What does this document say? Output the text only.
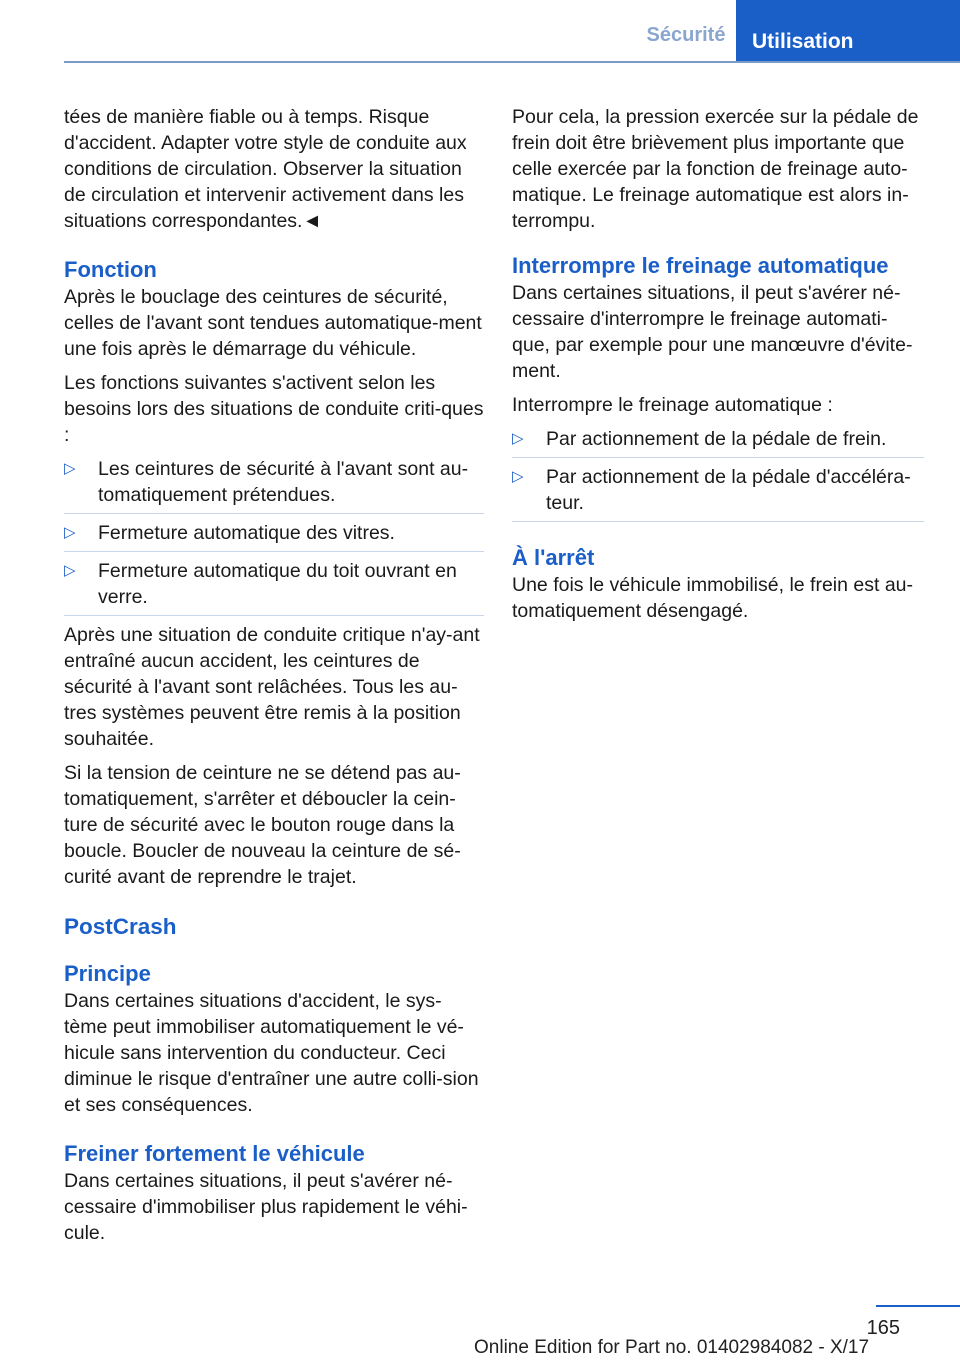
Sécurité	Utilisation

tées de manière fiable ou à temps. Risque d'accident. Adapter votre style de conduite aux conditions de circulation. Observer la situation de circulation et intervenir activement dans les situations correspondantes.◄

Fonction

Après le bouclage des ceintures de sécurité, celles de l'avant sont tendues automatique-ment une fois après le démarrage du véhicule.

Les fonctions suivantes s'activent selon les besoins lors des situations de conduite criti-ques :

▷ Les ceintures de sécurité à l'avant sont au-tomatiquement prétendues.
▷ Fermeture automatique des vitres.
▷ Fermeture automatique du toit ouvrant en verre.

Après une situation de conduite critique n'ay-ant entraîné aucun accident, les ceintures de sécurité à l'avant sont relâchées. Tous les au-tres systèmes peuvent être remis à la position souhaitée.

Si la tension de ceinture ne se détend pas au-tomatiquement, s'arrêter et déboucler la cein-ture de sécurité avec le bouton rouge dans la boucle. Boucler de nouveau la ceinture de sé-curité avant de reprendre le trajet.

PostCrash
Principe

Dans certaines situations d'accident, le sys-tème peut immobiliser automatiquement le vé-hicule sans intervention du conducteur. Ceci diminue le risque d'entraîner une autre colli-sion et ses conséquences.

Freiner fortement le véhicule

Dans certaines situations, il peut s'avérer né-cessaire d'immobiliser plus rapidement le véhi-cule.

Pour cela, la pression exercée sur la pédale de frein doit être brièvement plus importante que celle exercée par la fonction de freinage auto-matique. Le freinage automatique est alors in-terrompu.

Interrompre le freinage automatique

Dans certaines situations, il peut s'avérer né-cessaire d'interrompre le freinage automati-que, par exemple pour une manœuvre d'évite-ment.

Interrompre le freinage automatique :

▷ Par actionnement de la pédale de frein.
▷ Par actionnement de la pédale d'accéléra-teur.
À l'arrêt

Une fois le véhicule immobilisé, le frein est au-tomatiquement désengagé.

165
Online Edition for Part no. 01402984082 - X/17
